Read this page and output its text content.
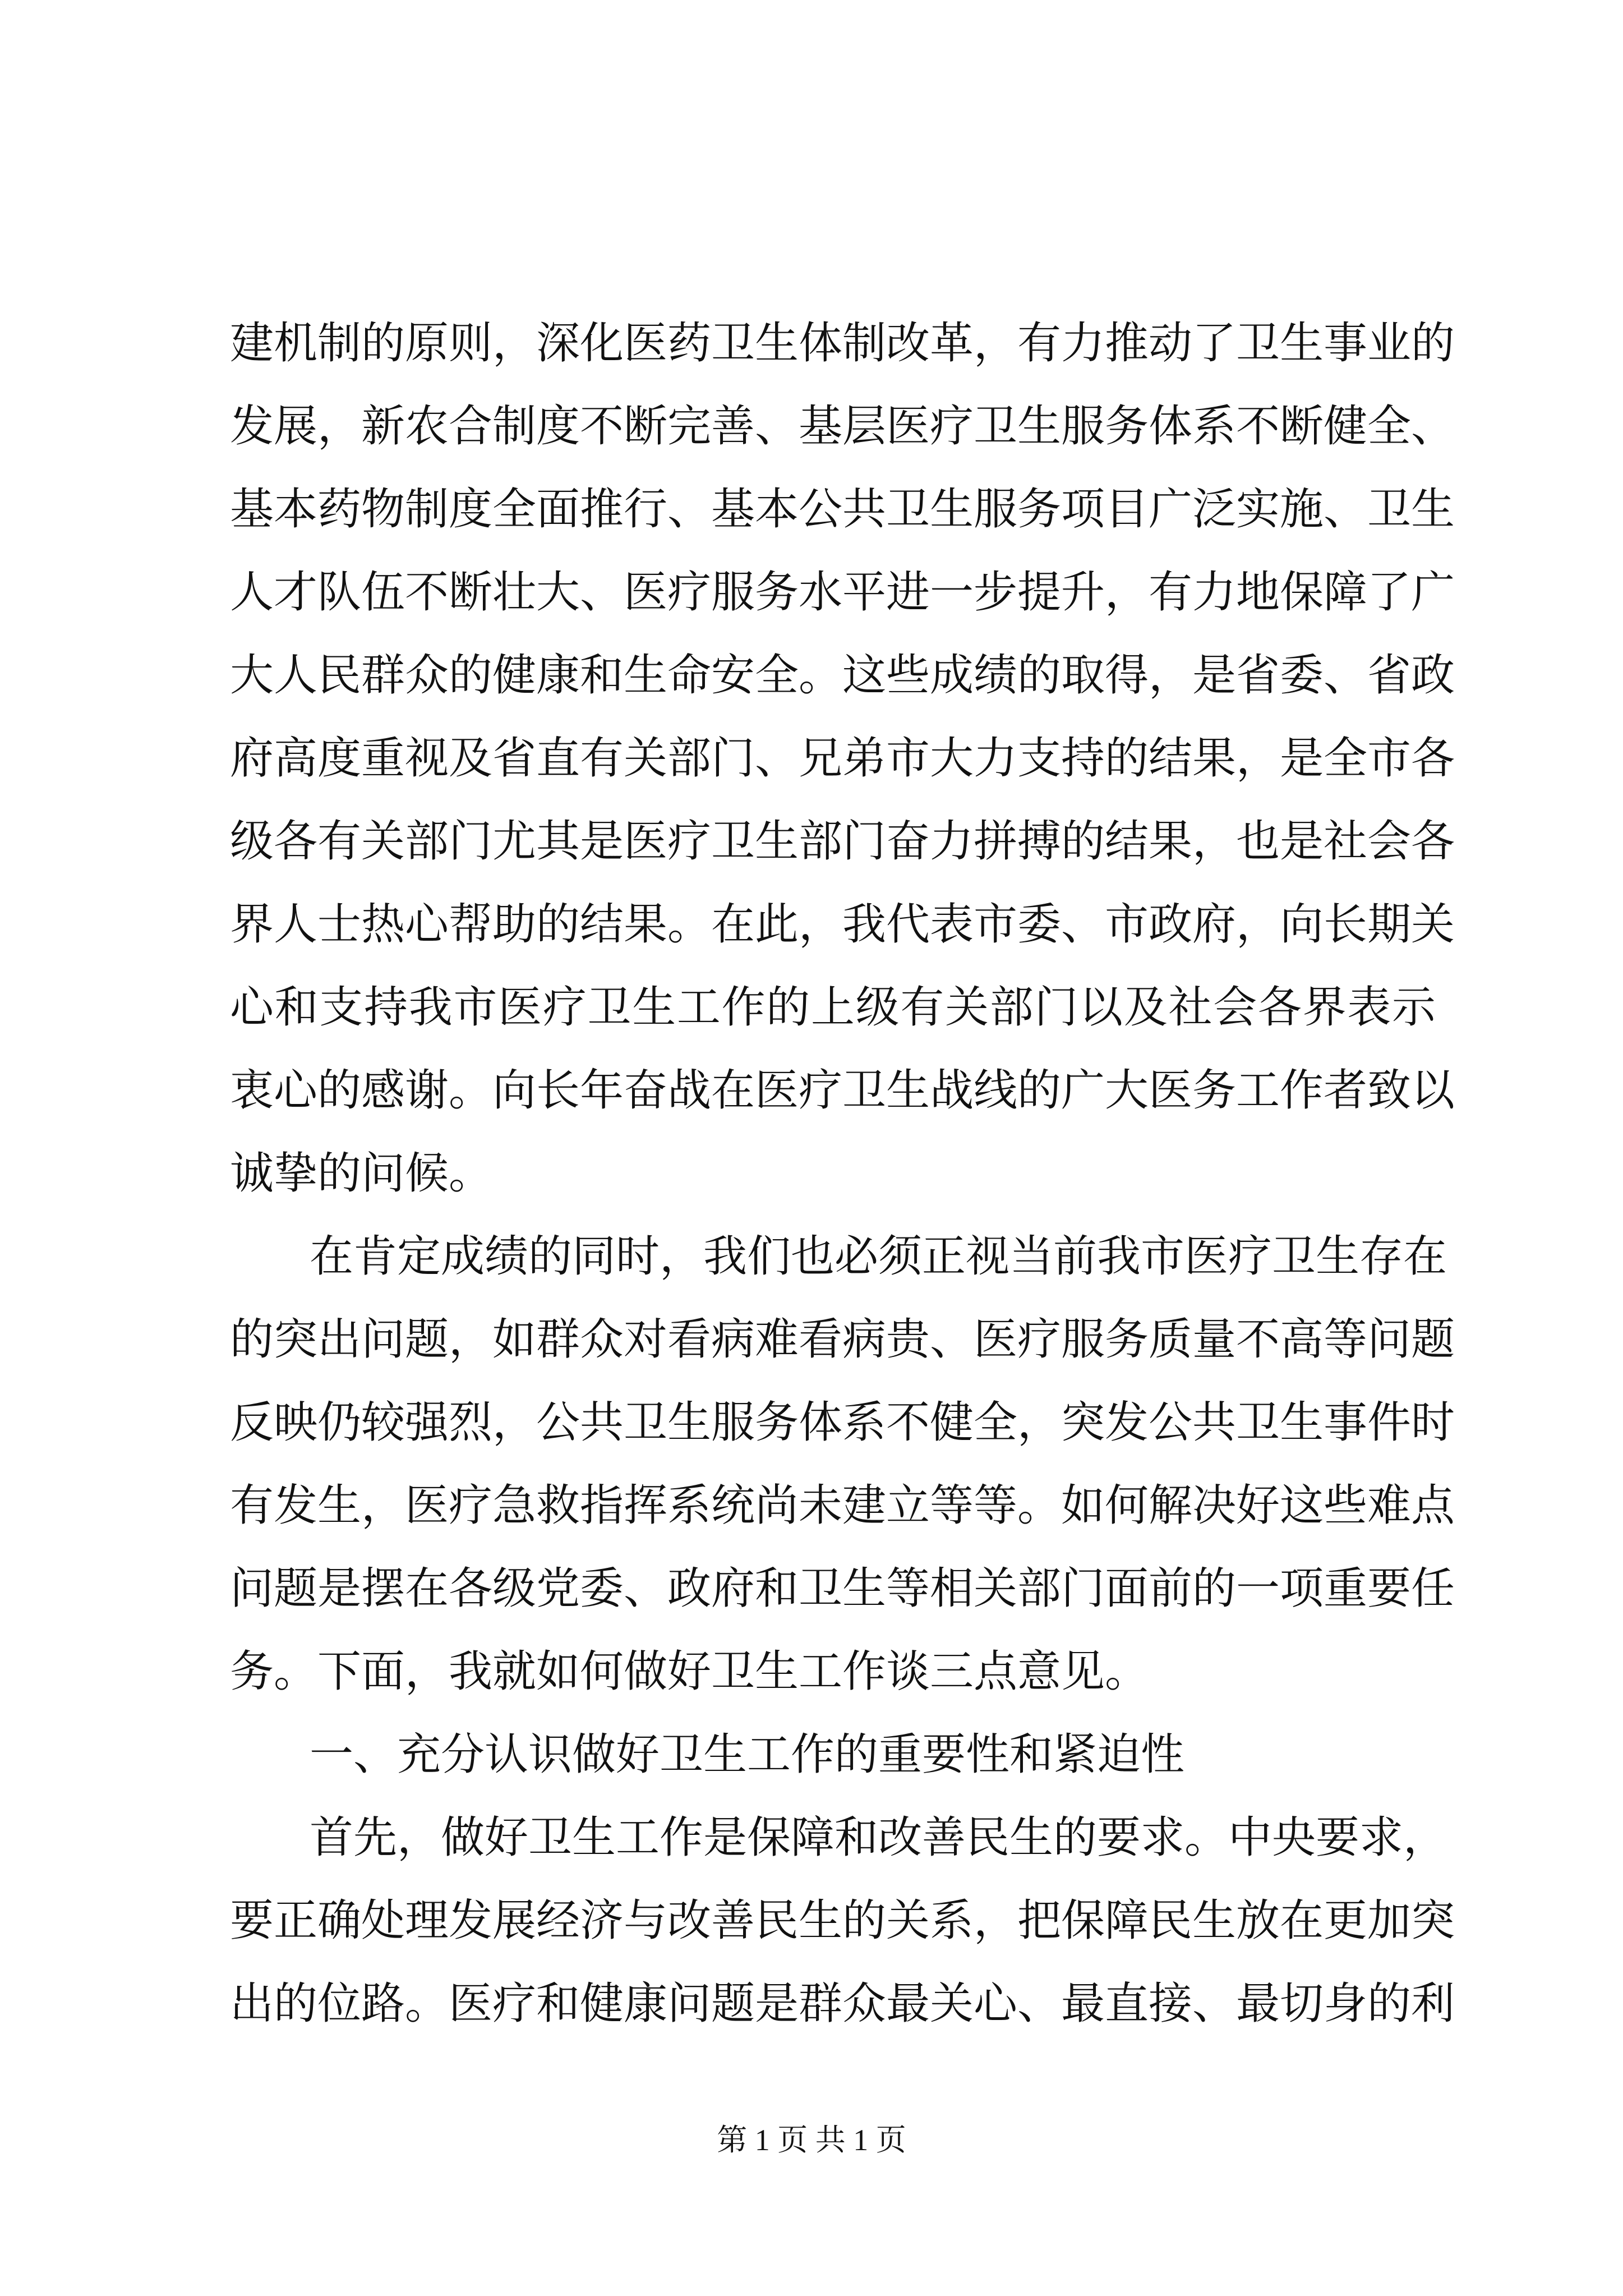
建机制的原则，深化医药卫生体制改革，有力推动了卫生事业的
发展，新农合制度不断完善、基层医疗卫生服务体系不断健全、
基本药物制度全面推行、基本公共卫生服务项目广泛实施、卫生
人才队伍不断壮大、医疗服务水平进一步提升，有力地保障了广
大人民群众的健康和生命安全。这些成绩的取得，是省委、省政
府高度重视及省直有关部门、兄弟市大力支持的结果，是全市各
级各有关部门尤其是医疗卫生部门奋力拼搏的结果，也是社会各
界人士热心帮助的结果。在此，我代表市委、市政府，向长期关
心和支持我市医疗卫生工作的上级有关部门以及社会各界表示
衷心的感谢。向长年奋战在医疗卫生战线的广大医务工作者致以
诚挚的问候。
在肯定成绩的同时，我们也必须正视当前我市医疗卫生存在
的突出问题，如群众对看病难看病贵、医疗服务质量不高等问题
反映仍较强烈，公共卫生服务体系不健全，突发公共卫生事件时
有发生，医疗急救指挥系统尚未建立等等。如何解决好这些难点
问题是摆在各级党委、政府和卫生等相关部门面前的一项重要任
务。下面，我就如何做好卫生工作谈三点意见。
一、充分认识做好卫生工作的重要性和紧迫性
首先，做好卫生工作是保障和改善民生的要求。中央要求，
要正确处理发展经济与改善民生的关系，把保障民生放在更加突
出的位路。医疗和健康问题是群众最关心、最直接、最切身的利
第 1 页 共 1 页
